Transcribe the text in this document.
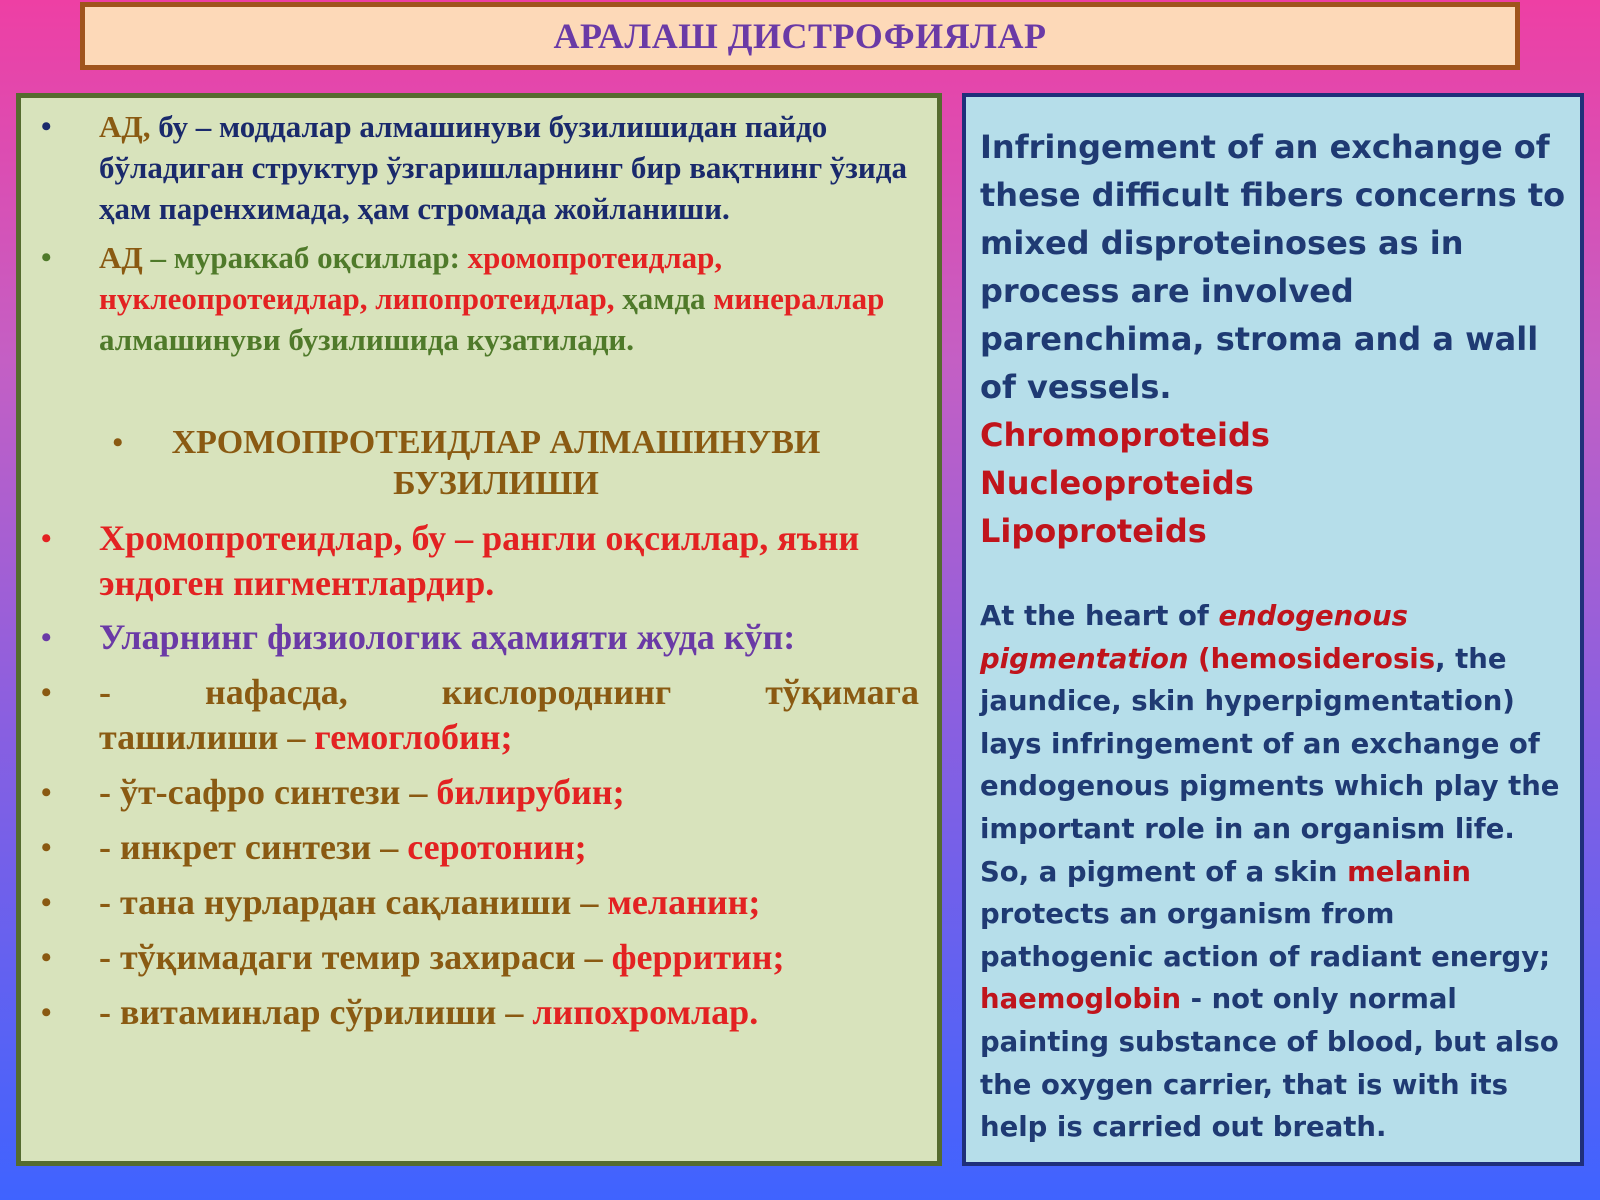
АРАЛАШ ДИСТРОФИЯЛАР
•	АД, бу – моддалар алмашинуви бузилишидан пайдо бўладиган структур ўзгаришларнинг бир вақтнинг ўзида ҳам паренхимада, ҳам стромада жойланиши.
•	АД – мураккаб оқсиллар: хромопротеидлар, нуклеопротеидлар, липопротеидлар, ҳамда минераллар алмашинуви бузилишида кузатилади.
•	ХРОМОПРОТЕИДЛАР АЛМАШИНУВИ БУЗИЛИШИ
•	Хромопротеидлар, бу – рангли оқсиллар, яъни эндоген пигментлардир.
•	Уларнинг физиологик аҳамияти жуда кўп:
•	- нафасда, кислороднинг тўқимага
ташилиши – гемоглобин;
•	- ўт-сафро синтези – билирубин;
•	- инкрет синтези – серотонин;
•	- тана нурлардан сақланиши – меланин;
•	- тўқимадаги темир захираси – ферритин;
•	- витаминлар сўрилиши – липохромлар.

Infringement of an exchange of these difficult fibers concerns to mixed disproteinoses as in process are involved parenchima, stroma and a wall of vessels.

Chromoproteids

Nucleoproteids

Lipoproteids

At the heart of endogenous pigmentation (hemosiderosis, the jaundice, skin hyperpigmentation) lays infringement of an exchange of endogenous pigments which play the important role in an organism life. So, a pigment of a skin melanin protects an organism from pathogenic action of radiant energy; haemoglobin - not only normal painting substance of blood, but also the oxygen carrier, that is with its help is carried out breath.
